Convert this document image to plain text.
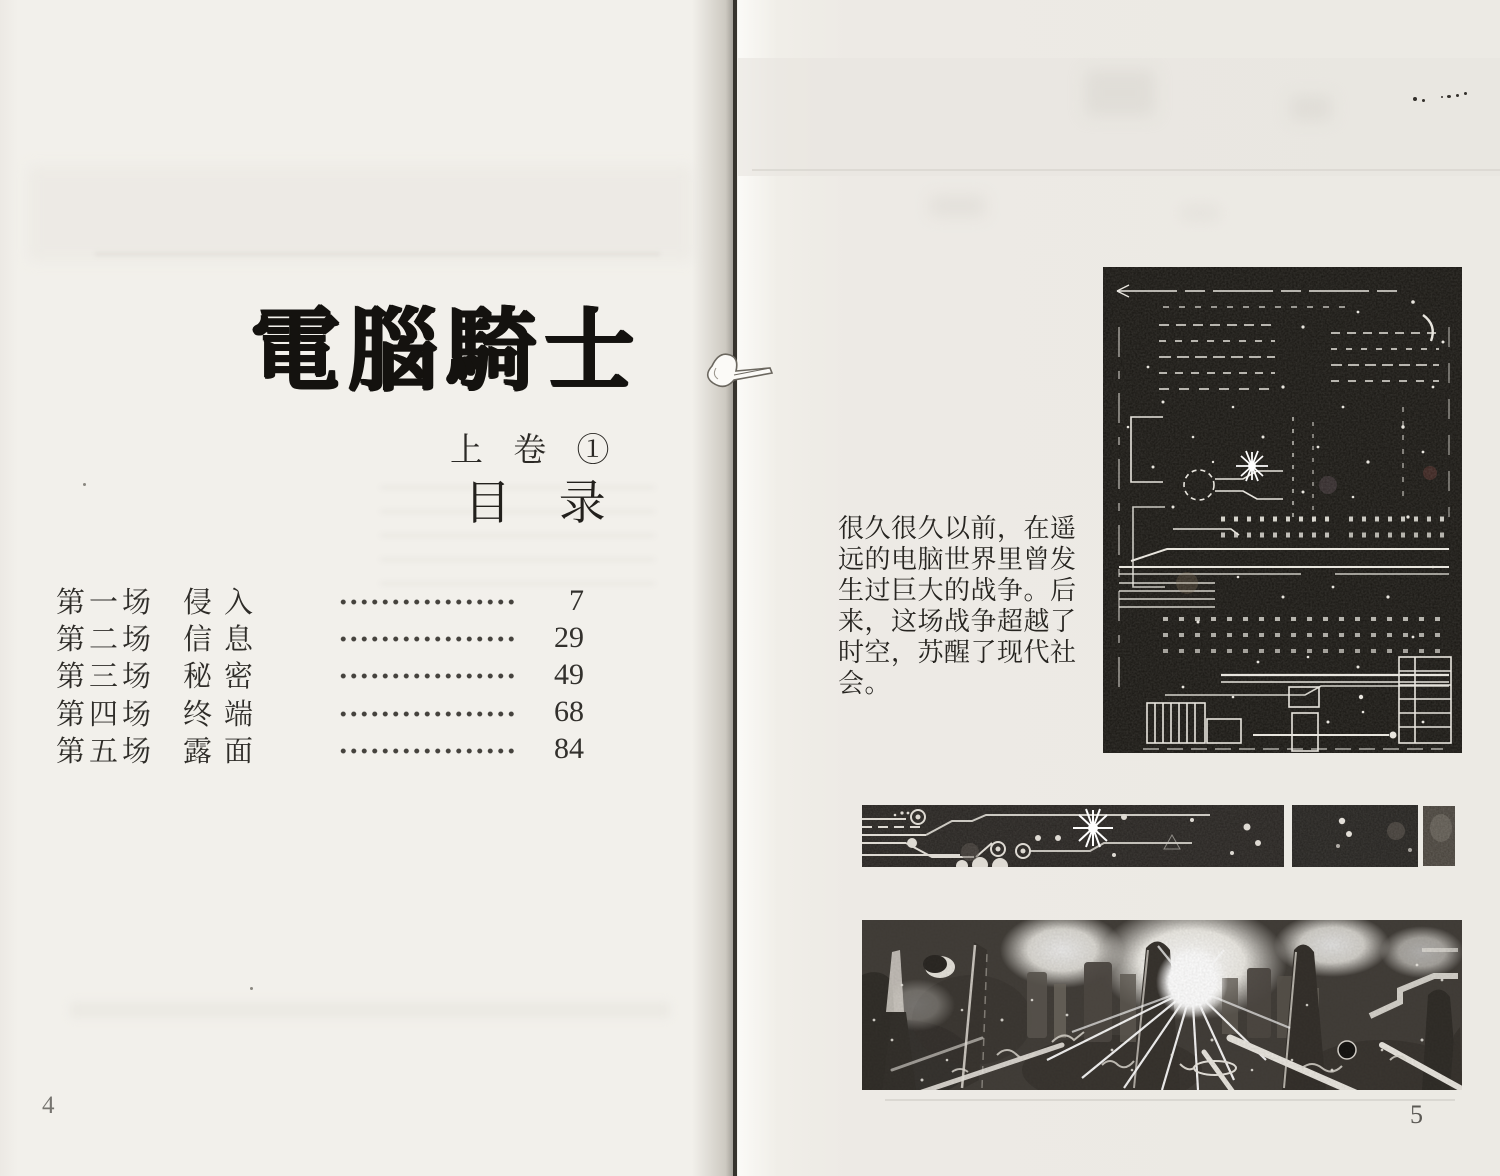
電腦騎士
上 卷 ①
目 录
第一场 侵入	7
第二场 信息	29
第三场 秘密	49
第四场 终端	68
第五场 露面	84
4
很久很久以前，在遥
远的电脑世界里曾发
生过巨大的战争。后
来，这场战争超越了
时空，苏醒了现代社
会。
5
